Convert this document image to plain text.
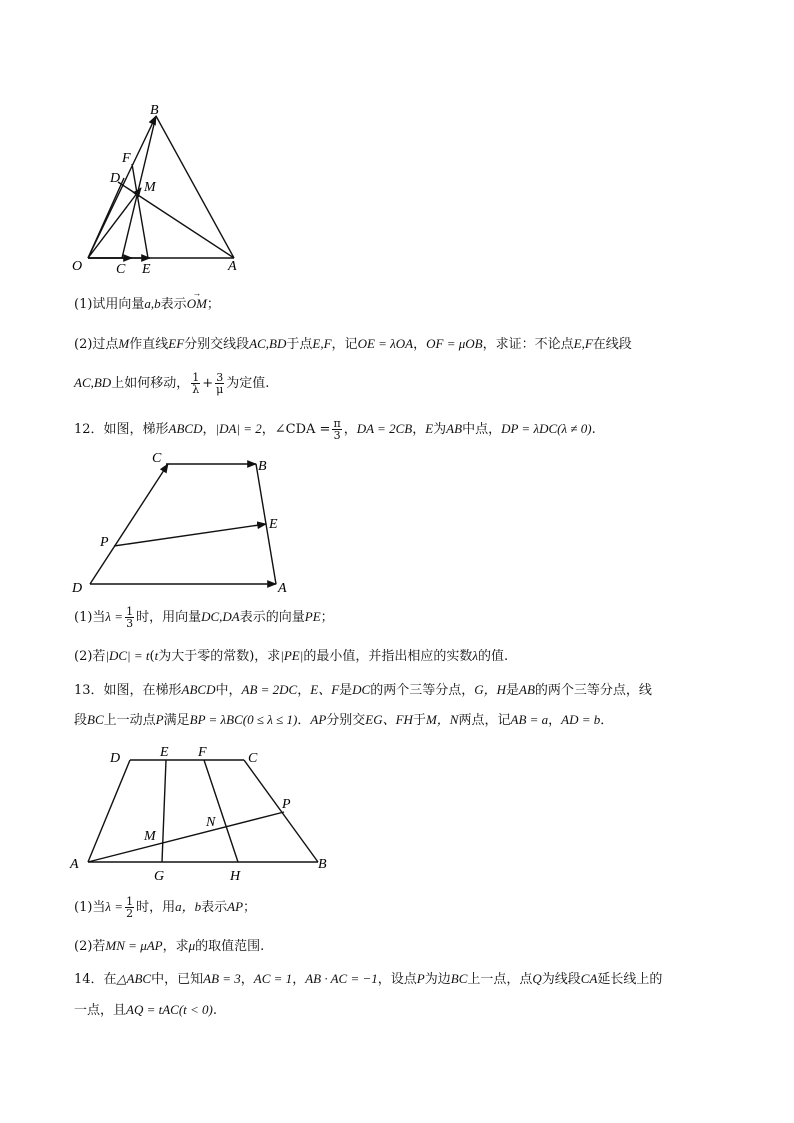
B
F
D
M
O C E	A
(1)试用向量a,b表示→ OM；
(2)过点M作直线EF分别交线段AC,BD于点E,F，记OE = λOA，OF = μOB，求证：不论点E,F在线段
AC,BD上如何移动， $\frac{1}{\lambda} + \frac{3}{\mu}$ 为定值.
12．如图，梯形ABCD，|DA| = 2，∠CDA = $\frac{\pi}{3}$ ，DA = 2CB，E为AB中点，DP = λDC(λ ≠ 0).
C
B
E
P
D	A
(1)当$\lambda = \frac{1}{3}$ 时，用向量DC,DA表示的向量PE；
(2)若|DC| = t(t为大于零的常数)，求|PE|的最小值，并指出相应的实数λ的值.
13．如图，在梯形ABCD中，AB = 2DC，E、F是DC的两个三等分点，G，H是AB的两个三等分点，线
段BC上一动点P满足BP = λBC(0 ≤ λ ≤ 1)．AP分别交EG、FH于M，N两点，记AB = a，AD = b．
D	E F	C
P
N
M
A
G	H
B
(1)当$\lambda = \frac{1}{2}$ 时，用a，b表示AP；
(2)若MN = μAP，求μ的取值范围.
14．在△ABC中，已知AB = 3，AC = 1，AB · AC = −1，设点P为边BC上一点，点Q为线段CA延长线上的
一点，且AQ = tAC(t < 0).
